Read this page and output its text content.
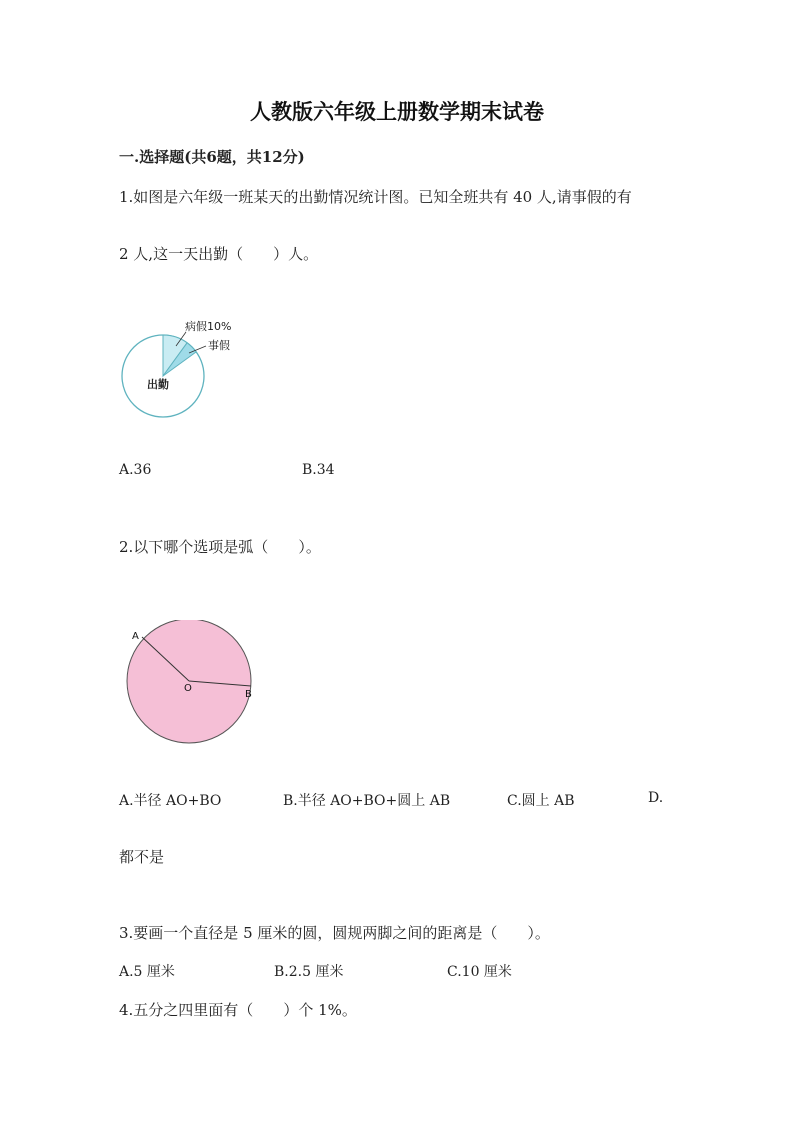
人教版六年级上册数学期末试卷
一.选择题(共6题，共12分)
1.如图是六年级一班某天的出勤情况统计图。已知全班共有 40 人,请事假的有
2 人,这一天出勤（　　）人。
病假10%
事假
出勤
A.36	B.34
2.以下哪个选项是弧（　　）。
A
O
B
A.半径 AO+BO	B.半径 AO+BO+圆上 AB	C.圆上 AB	D.
都不是
3.要画一个直径是 5 厘米的圆，圆规两脚之间的距离是（　　）。
A.5 厘米	B.2.5 厘米	C.10 厘米
4.五分之四里面有（　　）个 1%。
